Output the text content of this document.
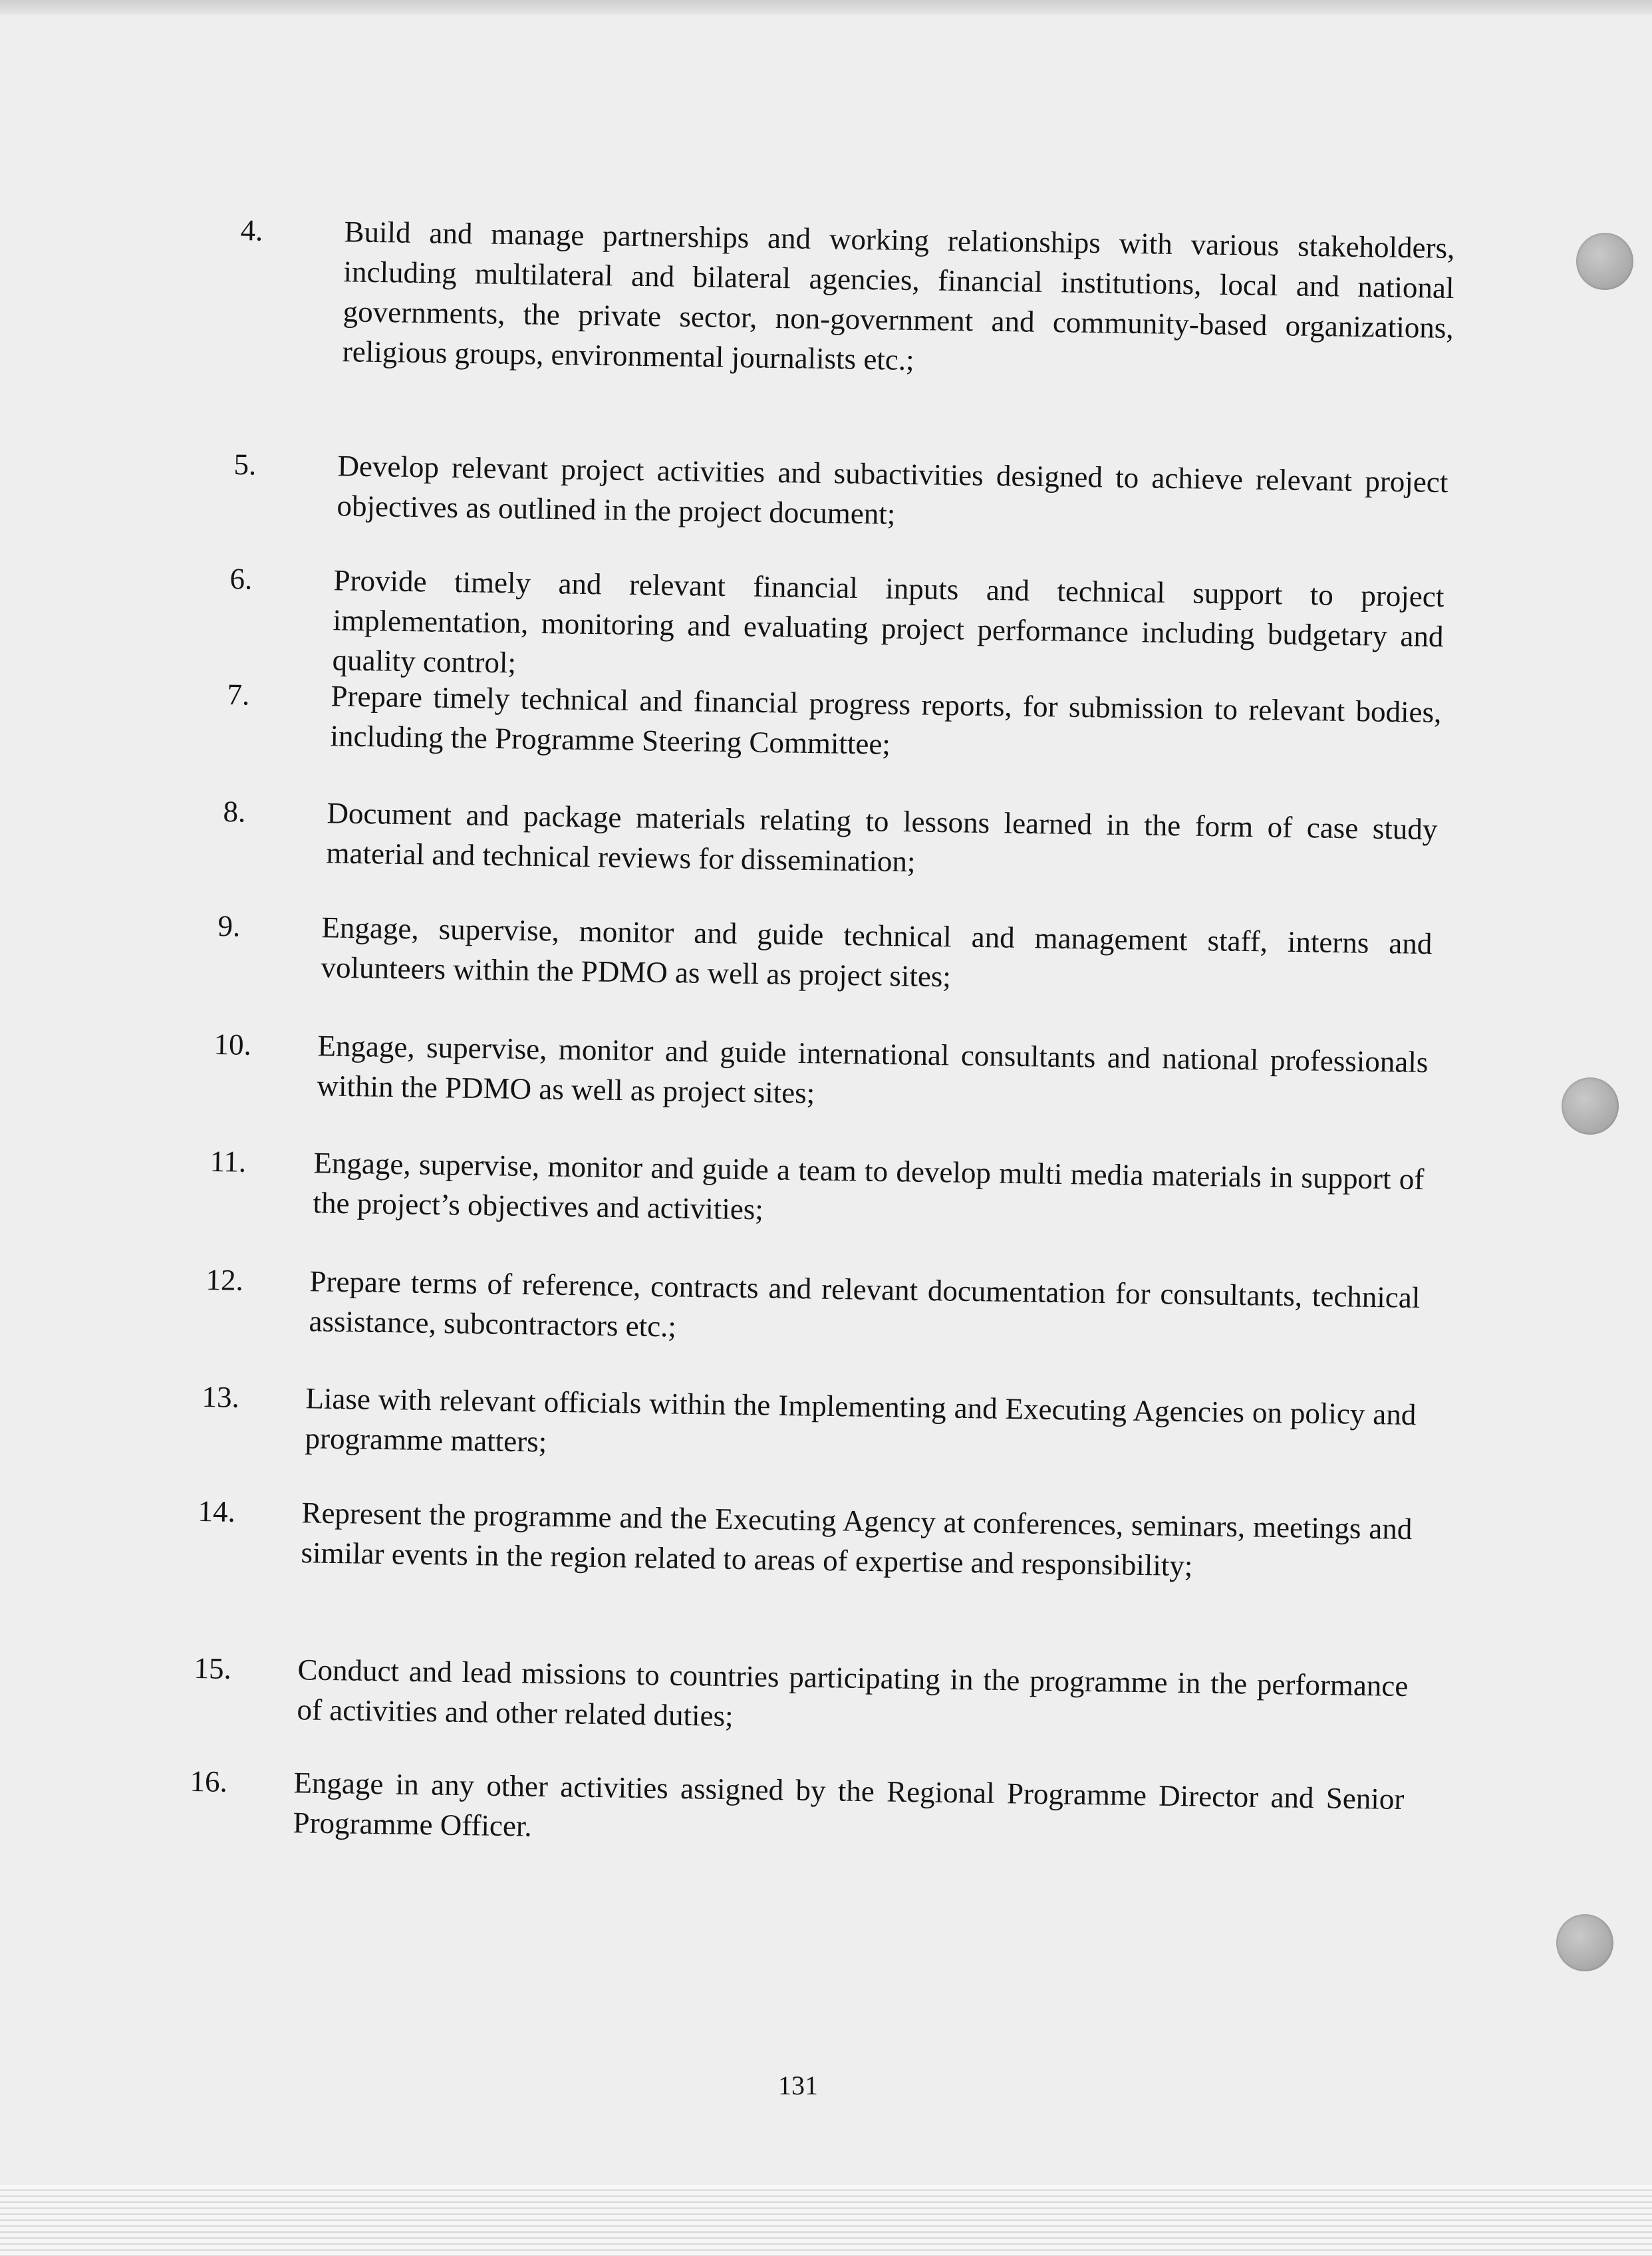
4.	Build and manage partnerships and working relationships with various stakeholders, including multilateral and bilateral agencies, financial institutions, local and national governments, the private sector, non-government and community-based organizations, religious groups, environmental journalists etc.;
5.	Develop relevant project activities and subactivities designed to achieve relevant project objectives as outlined in the project document;
6.	Provide timely and relevant financial inputs and technical support to project implementation, monitoring and evaluating project performance including budgetary and quality control;
7.	Prepare timely technical and financial progress reports, for submission to relevant bodies, including the Programme Steering Committee;
8.	Document and package materials relating to lessons learned in the form of case study material and technical reviews for dissemination;
9.	Engage, supervise, monitor and guide technical and management staff, interns and volunteers within the PDMO as well as project sites;
10. Engage, supervise, monitor and guide international consultants and national professionals within the PDMO as well as project sites;
11. Engage, supervise, monitor and guide a team to develop multi media materials in support of the project’s objectives and activities;
12. Prepare terms of reference, contracts and relevant documentation for consultants, technical assistance, subcontractors etc.;
13. Liase with relevant officials within the Implementing and Executing Agencies on policy and programme matters;
14. Represent the programme and the Executing Agency at conferences, seminars, meetings and similar events in the region related to areas of expertise and responsibility;
15. Conduct and lead missions to countries participating in the programme in the performance of activities and other related duties;
16. Engage in any other activities assigned by the Regional Programme Director and Senior Programme Officer.
131
